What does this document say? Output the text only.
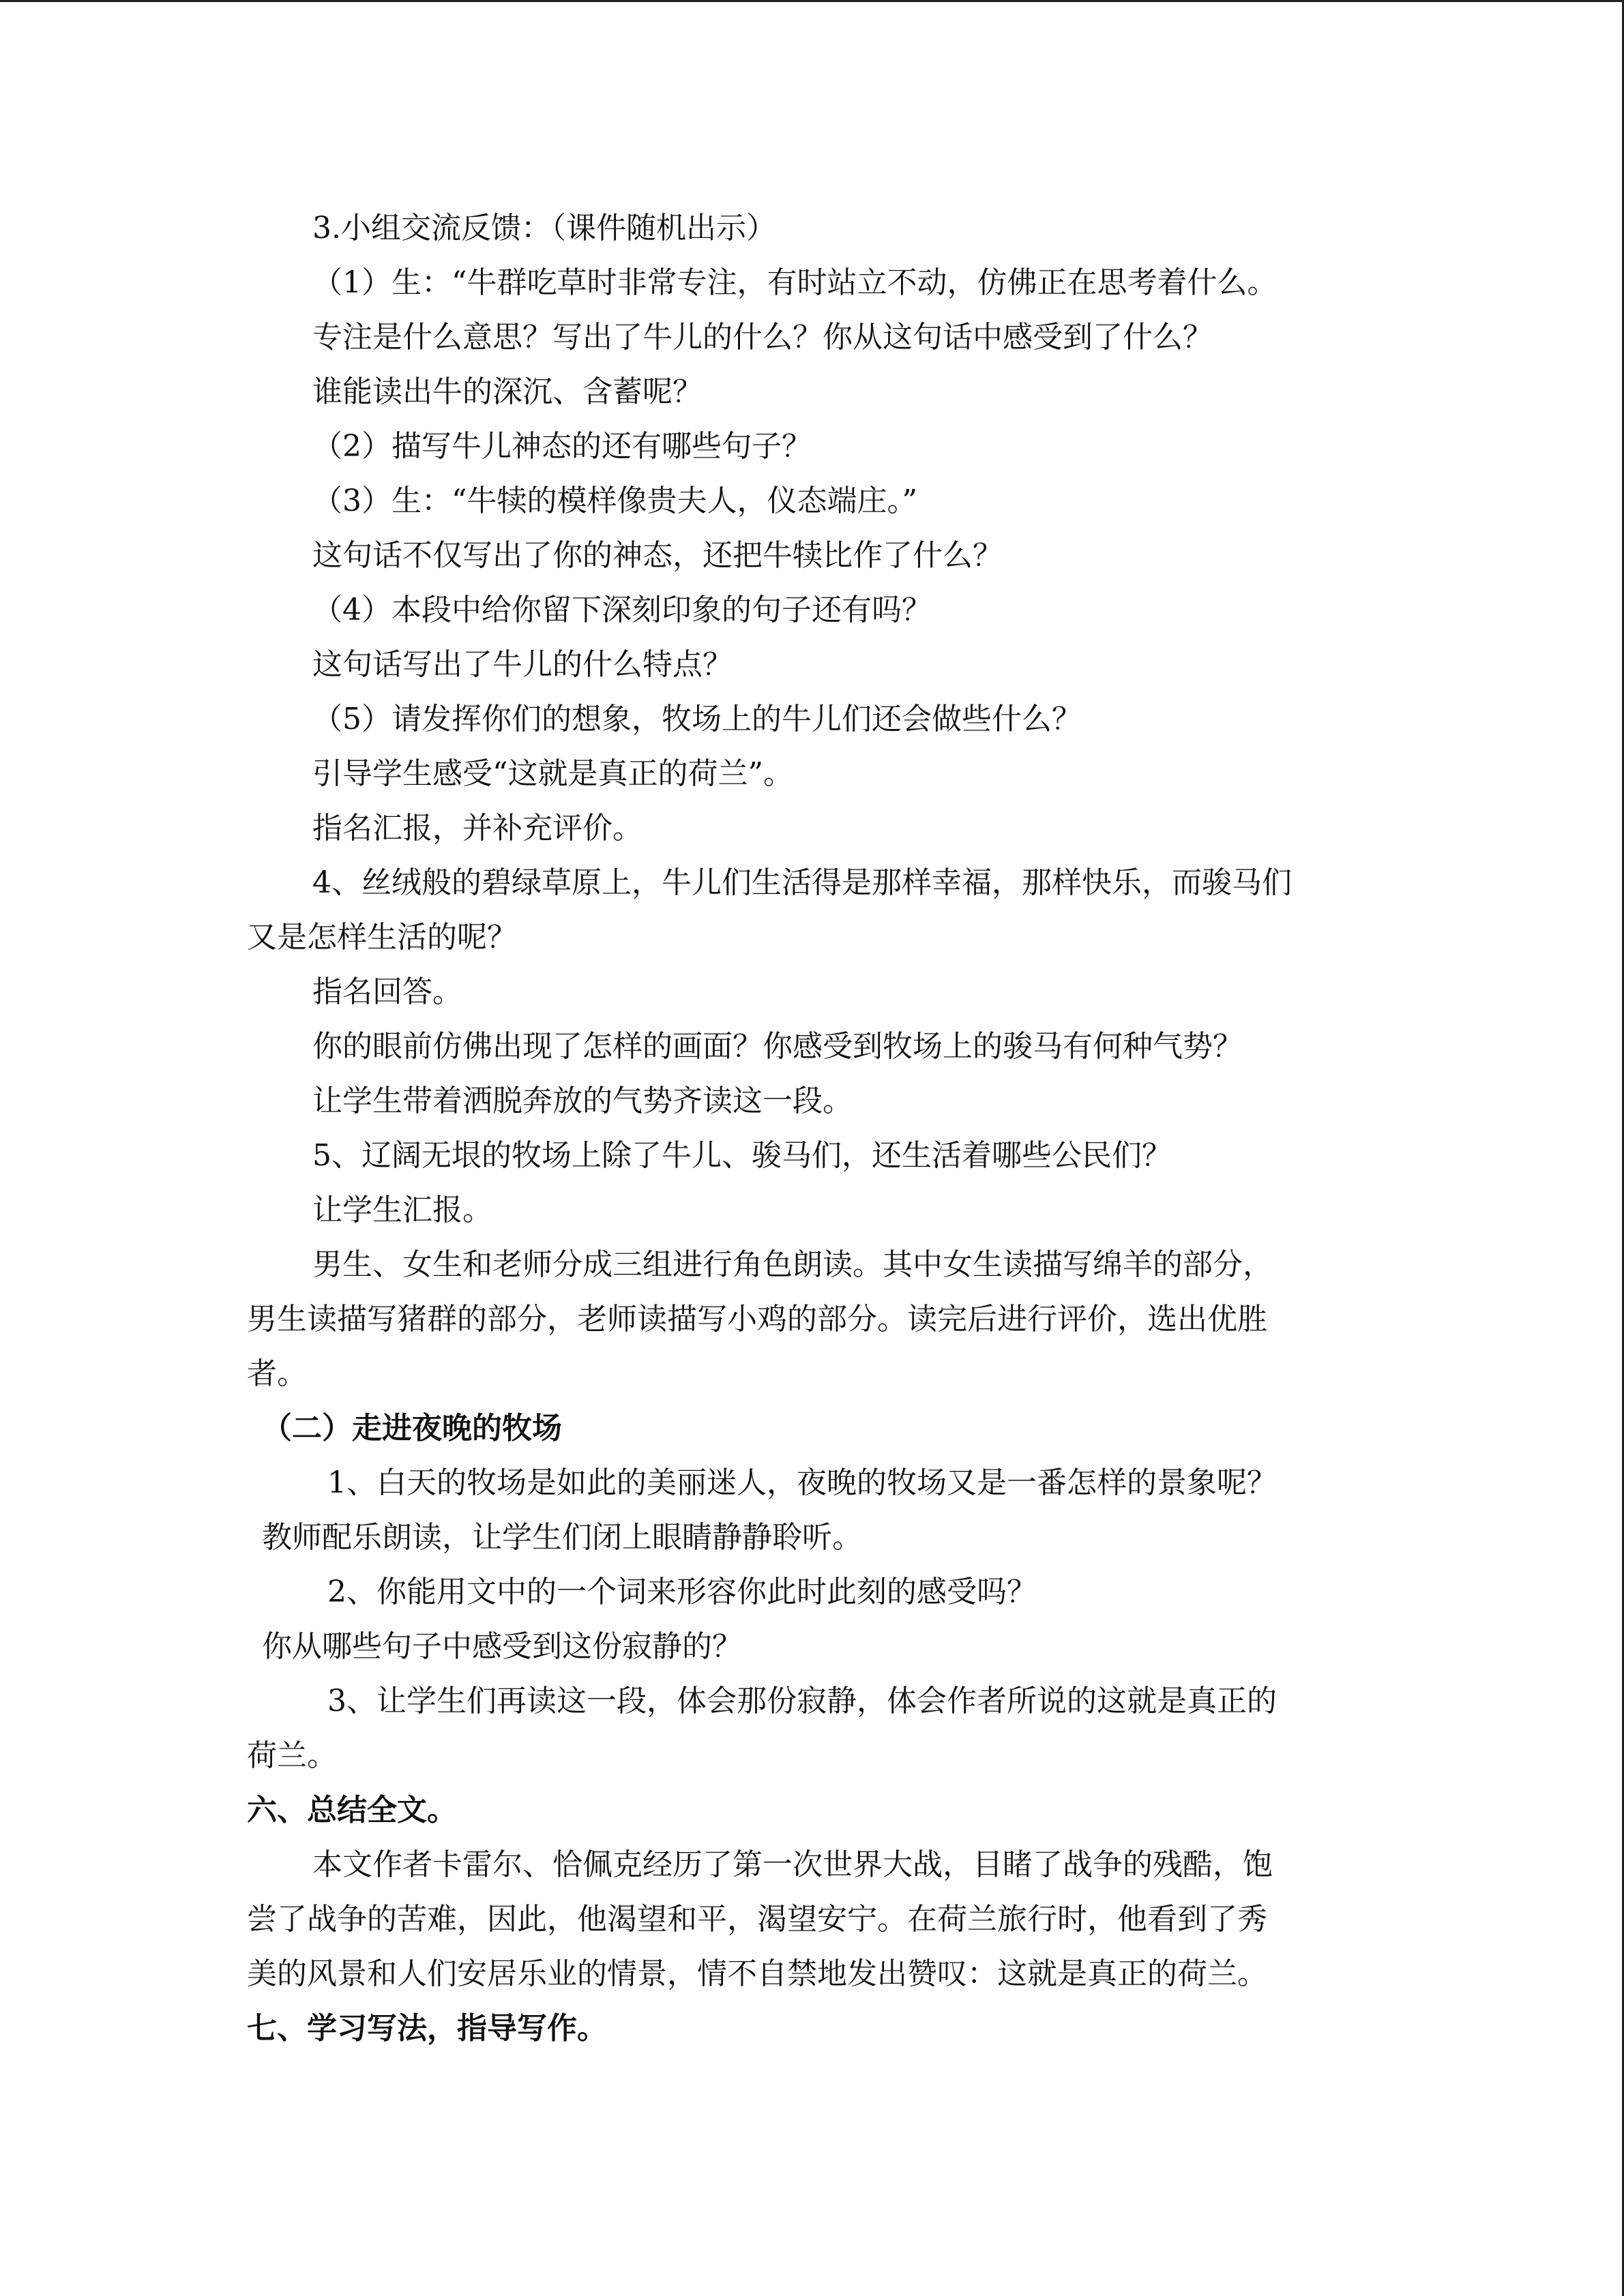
3.小组交流反馈：（课件随机出示）
（1）生：“牛群吃草时非常专注，有时站立不动，仿佛正在思考着什么。
专注是什么意思？写出了牛儿的什么？你从这句话中感受到了什么？
谁能读出牛的深沉、含蓄呢？
（2）描写牛儿神态的还有哪些句子？
（3）生：“牛犊的模样像贵夫人，仪态端庄。”
这句话不仅写出了你的神态，还把牛犊比作了什么？
（4）本段中给你留下深刻印象的句子还有吗？
这句话写出了牛儿的什么特点？
（5）请发挥你们的想象，牧场上的牛儿们还会做些什么？
引导学生感受“这就是真正的荷兰”。
指名汇报，并补充评价。
4、丝绒般的碧绿草原上，牛儿们生活得是那样幸福，那样快乐，而骏马们
又是怎样生活的呢？
指名回答。
你的眼前仿佛出现了怎样的画面？你感受到牧场上的骏马有何种气势？
让学生带着洒脱奔放的气势齐读这一段。
5、辽阔无垠的牧场上除了牛儿、骏马们，还生活着哪些公民们？
让学生汇报。
男生、女生和老师分成三组进行角色朗读。其中女生读描写绵羊的部分，
男生读描写猪群的部分，老师读描写小鸡的部分。读完后进行评价，选出优胜
者。
（二）走进夜晚的牧场
1、白天的牧场是如此的美丽迷人，夜晚的牧场又是一番怎样的景象呢？
教师配乐朗读，让学生们闭上眼睛静静聆听。
2、你能用文中的一个词来形容你此时此刻的感受吗？
你从哪些句子中感受到这份寂静的？
3、让学生们再读这一段，体会那份寂静，体会作者所说的这就是真正的
荷兰。
六、总结全文。
本文作者卡雷尔、恰佩克经历了第一次世界大战，目睹了战争的残酷，饱
尝了战争的苦难，因此，他渴望和平，渴望安宁。在荷兰旅行时，他看到了秀
美的风景和人们安居乐业的情景，情不自禁地发出赞叹：这就是真正的荷兰。
七、学习写法，指导写作。
